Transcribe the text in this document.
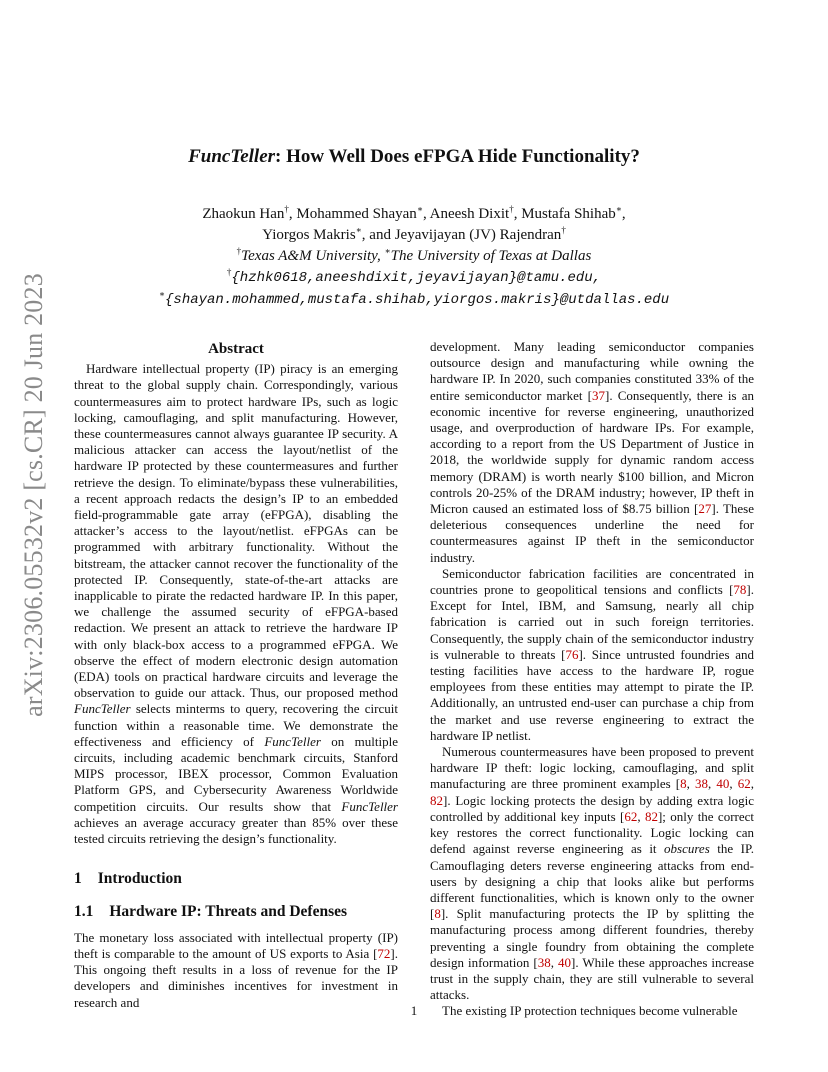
arXiv:2306.05532v2 [cs.CR] 20 Jun 2023
FuncTeller: How Well Does eFPGA Hide Functionality?
Zhaokun Han†, Mohammed Shayan∗, Aneesh Dixit†, Mustafa Shihab∗,
Yiorgos Makris∗, and Jeyavijayan (JV) Rajendran†
†Texas A&M University, ∗The University of Texas at Dallas
†{hzhk0618,aneeshdixit,jeyavijayan}@tamu.edu,
∗{shayan.mohammed,mustafa.shihab,yiorgos.makris}@utdallas.edu
Abstract

Hardware intellectual property (IP) piracy is an emerging threat to the global supply chain. Correspondingly, various countermeasures aim to protect hardware IPs, such as logic locking, camouflaging, and split manufacturing. However, these countermeasures cannot always guarantee IP security. A malicious attacker can access the layout/netlist of the hardware IP protected by these countermeasures and further retrieve the design. To eliminate/bypass these vulnerabilities, a recent approach redacts the design’s IP to an embedded field-programmable gate array (eFPGA), disabling the attacker’s access to the layout/netlist. eFPGAs can be programmed with arbitrary functionality. Without the bitstream, the attacker cannot recover the functionality of the protected IP. Consequently, state-of-the-art attacks are inapplicable to pirate the redacted hardware IP. In this paper, we challenge the assumed security of eFPGA-based redaction. We present an attack to retrieve the hardware IP with only black-box access to a programmed eFPGA. We observe the effect of modern electronic design automation (EDA) tools on practical hardware circuits and leverage the observation to guide our attack. Thus, our proposed method FuncTeller selects minterms to query, recovering the circuit function within a reasonable time. We demonstrate the effectiveness and efficiency of FuncTeller on multiple circuits, including academic benchmark circuits, Stanford MIPS processor, IBEX processor, Common Evaluation Platform GPS, and Cybersecurity Awareness Worldwide competition circuits. Our results show that FuncTeller achieves an average accuracy greater than 85% over these tested circuits retrieving the design’s functionality.

1 Introduction
1.1 Hardware IP: Threats and Defenses

The monetary loss associated with intellectual property (IP) theft is comparable to the amount of US exports to Asia [72]. This ongoing theft results in a loss of revenue for the IP developers and diminishes incentives for investment in research and

development. Many leading semiconductor companies outsource design and manufacturing while owning the hardware IP. In 2020, such companies constituted 33% of the entire semiconductor market [37]. Consequently, there is an economic incentive for reverse engineering, unauthorized usage, and overproduction of hardware IPs. For example, according to a report from the US Department of Justice in 2018, the worldwide supply for dynamic random access memory (DRAM) is worth nearly $100 billion, and Micron controls 20-25% of the DRAM industry; however, IP theft in Micron caused an estimated loss of $8.75 billion [27]. These deleterious consequences underline the need for countermeasures against IP theft in the semiconductor industry.

Semiconductor fabrication facilities are concentrated in countries prone to geopolitical tensions and conflicts [78]. Except for Intel, IBM, and Samsung, nearly all chip fabrication is carried out in such foreign territories. Consequently, the supply chain of the semiconductor industry is vulnerable to threats [76]. Since untrusted foundries and testing facilities have access to the hardware IP, rogue employees from these entities may attempt to pirate the IP. Additionally, an untrusted end-user can purchase a chip from the market and use reverse engineering to extract the hardware IP netlist.

Numerous countermeasures have been proposed to prevent hardware IP theft: logic locking, camouflaging, and split manufacturing are three prominent examples [8, 38, 40, 62, 82]. Logic locking protects the design by adding extra logic controlled by additional key inputs [62, 82]; only the correct key restores the correct functionality. Logic locking can defend against reverse engineering as it obscures the IP. Camouflaging deters reverse engineering attacks from end-users by designing a chip that looks alike but performs different functionalities, which is known only to the owner [8]. Split manufacturing protects the IP by splitting the manufacturing process among different foundries, thereby preventing a single foundry from obtaining the complete design information [38, 40]. While these approaches increase trust in the supply chain, they are still vulnerable to several attacks.

The existing IP protection techniques become vulnerable

1
